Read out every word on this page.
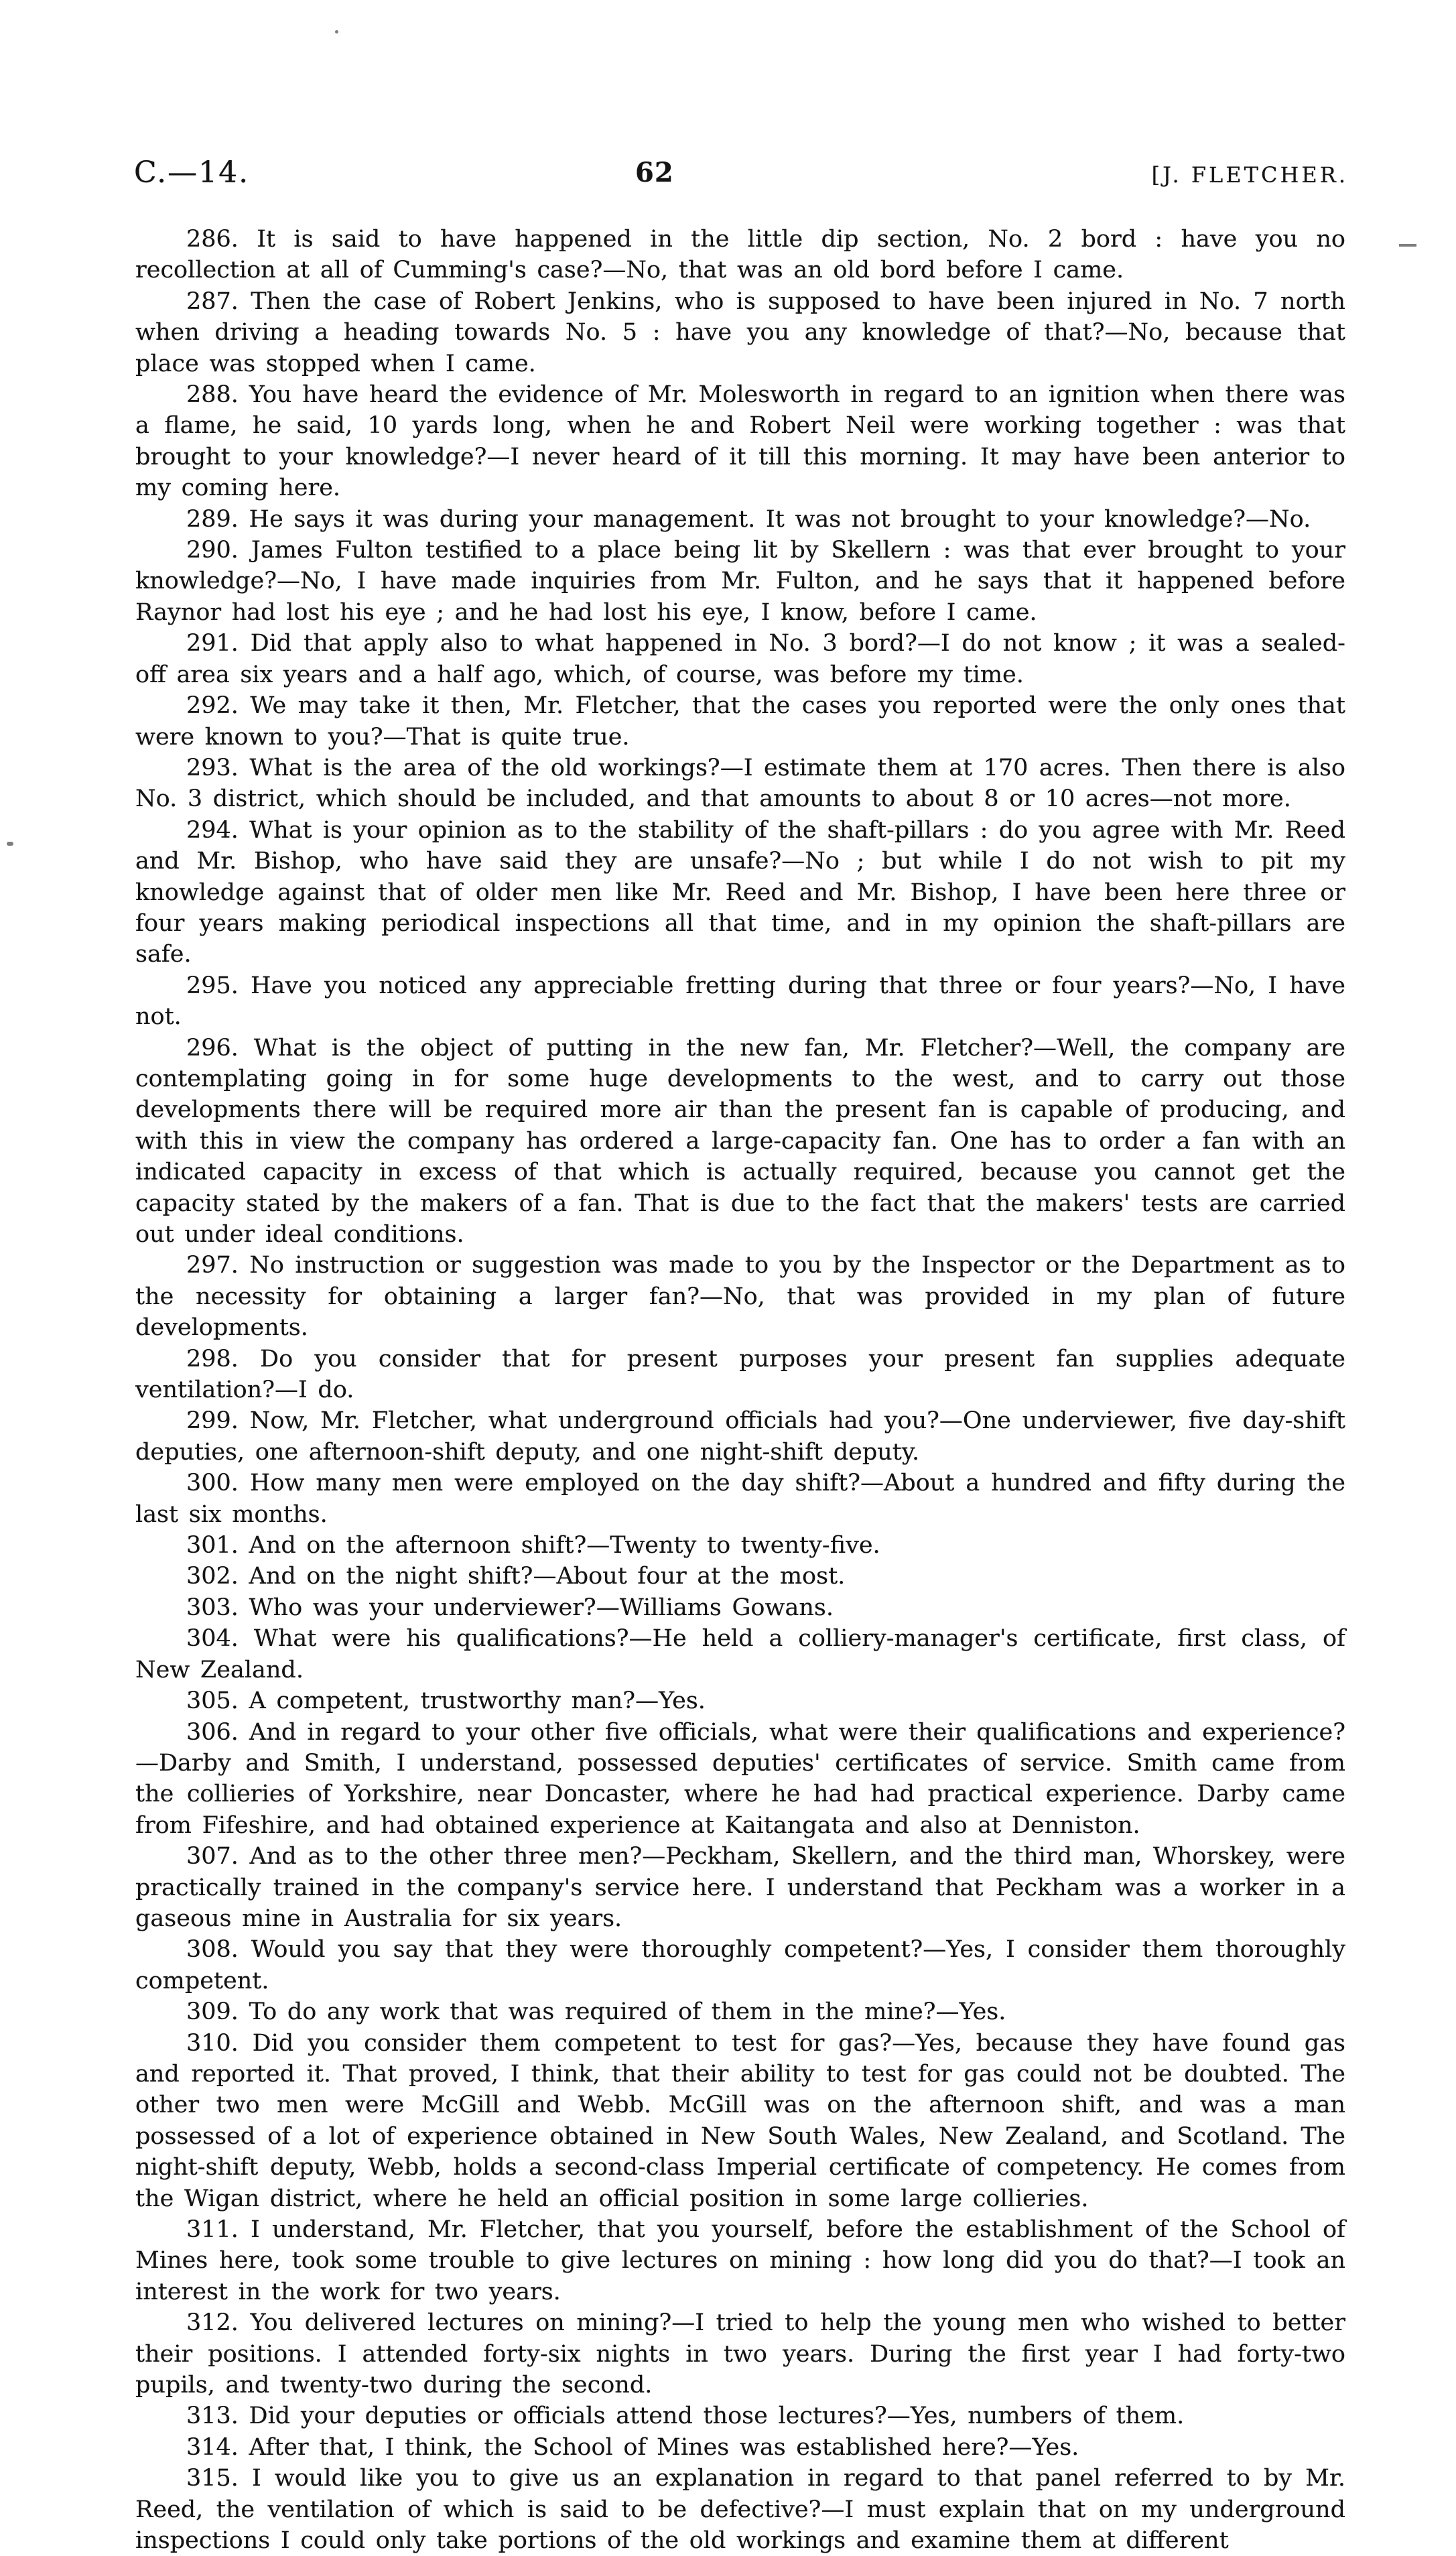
C.—14.	62	[J. FLETCHER.

286. It is said to have happened in the little dip section, No. 2 bord : have you no recollection at all of Cumming's case?—No, that was an old bord before I came.

287. Then the case of Robert Jenkins, who is supposed to have been injured in No. 7 north when driving a heading towards No. 5 : have you any knowledge of that?—No, because that place was stopped when I came.

288. You have heard the evidence of Mr. Molesworth in regard to an ignition when there was a flame, he said, 10 yards long, when he and Robert Neil were working together : was that brought to your knowledge?—I never heard of it till this morning. It may have been anterior to my coming here.

289. He says it was during your management. It was not brought to your knowledge?—No.

290. James Fulton testified to a place being lit by Skellern : was that ever brought to your knowledge?—No, I have made inquiries from Mr. Fulton, and he says that it happened before Raynor had lost his eye ; and he had lost his eye, I know, before I came.

291. Did that apply also to what happened in No. 3 bord?—I do not know ; it was a sealed-off area six years and a half ago, which, of course, was before my time.

292. We may take it then, Mr. Fletcher, that the cases you reported were the only ones that were known to you?—That is quite true.

293. What is the area of the old workings?—I estimate them at 170 acres. Then there is also No. 3 district, which should be included, and that amounts to about 8 or 10 acres—not more.

294. What is your opinion as to the stability of the shaft-pillars : do you agree with Mr. Reed and Mr. Bishop, who have said they are unsafe?—No ; but while I do not wish to pit my knowledge against that of older men like Mr. Reed and Mr. Bishop, I have been here three or four years making periodical inspections all that time, and in my opinion the shaft-pillars are safe.

295. Have you noticed any appreciable fretting during that three or four years?—No, I have not.

296. What is the object of putting in the new fan, Mr. Fletcher?—Well, the company are contemplating going in for some huge developments to the west, and to carry out those developments there will be required more air than the present fan is capable of producing, and with this in view the company has ordered a large-capacity fan. One has to order a fan with an indicated capacity in excess of that which is actually required, because you cannot get the capacity stated by the makers of a fan. That is due to the fact that the makers' tests are carried out under ideal conditions.

297. No instruction or suggestion was made to you by the Inspector or the Department as to the necessity for obtaining a larger fan?—No, that was provided in my plan of future developments.

298. Do you consider that for present purposes your present fan supplies adequate ventilation?—I do.

299. Now, Mr. Fletcher, what underground officials had you?—One underviewer, five day-shift deputies, one afternoon-shift deputy, and one night-shift deputy.

300. How many men were employed on the day shift?—About a hundred and fifty during the last six months.

301. And on the afternoon shift?—Twenty to twenty-five.

302. And on the night shift?—About four at the most.

303. Who was your underviewer?—Williams Gowans.

304. What were his qualifications?—He held a colliery-manager's certificate, first class, of New Zealand.

305. A competent, trustworthy man?—Yes.

306. And in regard to your other five officials, what were their qualifications and experience? —Darby and Smith, I understand, possessed deputies' certificates of service. Smith came from the collieries of Yorkshire, near Doncaster, where he had had practical experience. Darby came from Fifeshire, and had obtained experience at Kaitangata and also at Denniston.

307. And as to the other three men?—Peckham, Skellern, and the third man, Whorskey, were practically trained in the company's service here. I understand that Peckham was a worker in a gaseous mine in Australia for six years.

308. Would you say that they were thoroughly competent?—Yes, I consider them thoroughly competent.

309. To do any work that was required of them in the mine?—Yes.

310. Did you consider them competent to test for gas?—Yes, because they have found gas and reported it. That proved, I think, that their ability to test for gas could not be doubted. The other two men were McGill and Webb. McGill was on the afternoon shift, and was a man possessed of a lot of experience obtained in New South Wales, New Zealand, and Scotland. The night-shift deputy, Webb, holds a second-class Imperial certificate of competency. He comes from the Wigan district, where he held an official position in some large collieries.

311. I understand, Mr. Fletcher, that you yourself, before the establishment of the School of Mines here, took some trouble to give lectures on mining : how long did you do that?—I took an interest in the work for two years.

312. You delivered lectures on mining?—I tried to help the young men who wished to better their positions. I attended forty-six nights in two years. During the first year I had forty-two pupils, and twenty-two during the second.

313. Did your deputies or officials attend those lectures?—Yes, numbers of them.

314. After that, I think, the School of Mines was established here?—Yes.

315. I would like you to give us an explanation in regard to that panel referred to by Mr. Reed, the ventilation of which is said to be defective?—I must explain that on my underground inspections I could only take portions of the old workings and examine them at different
